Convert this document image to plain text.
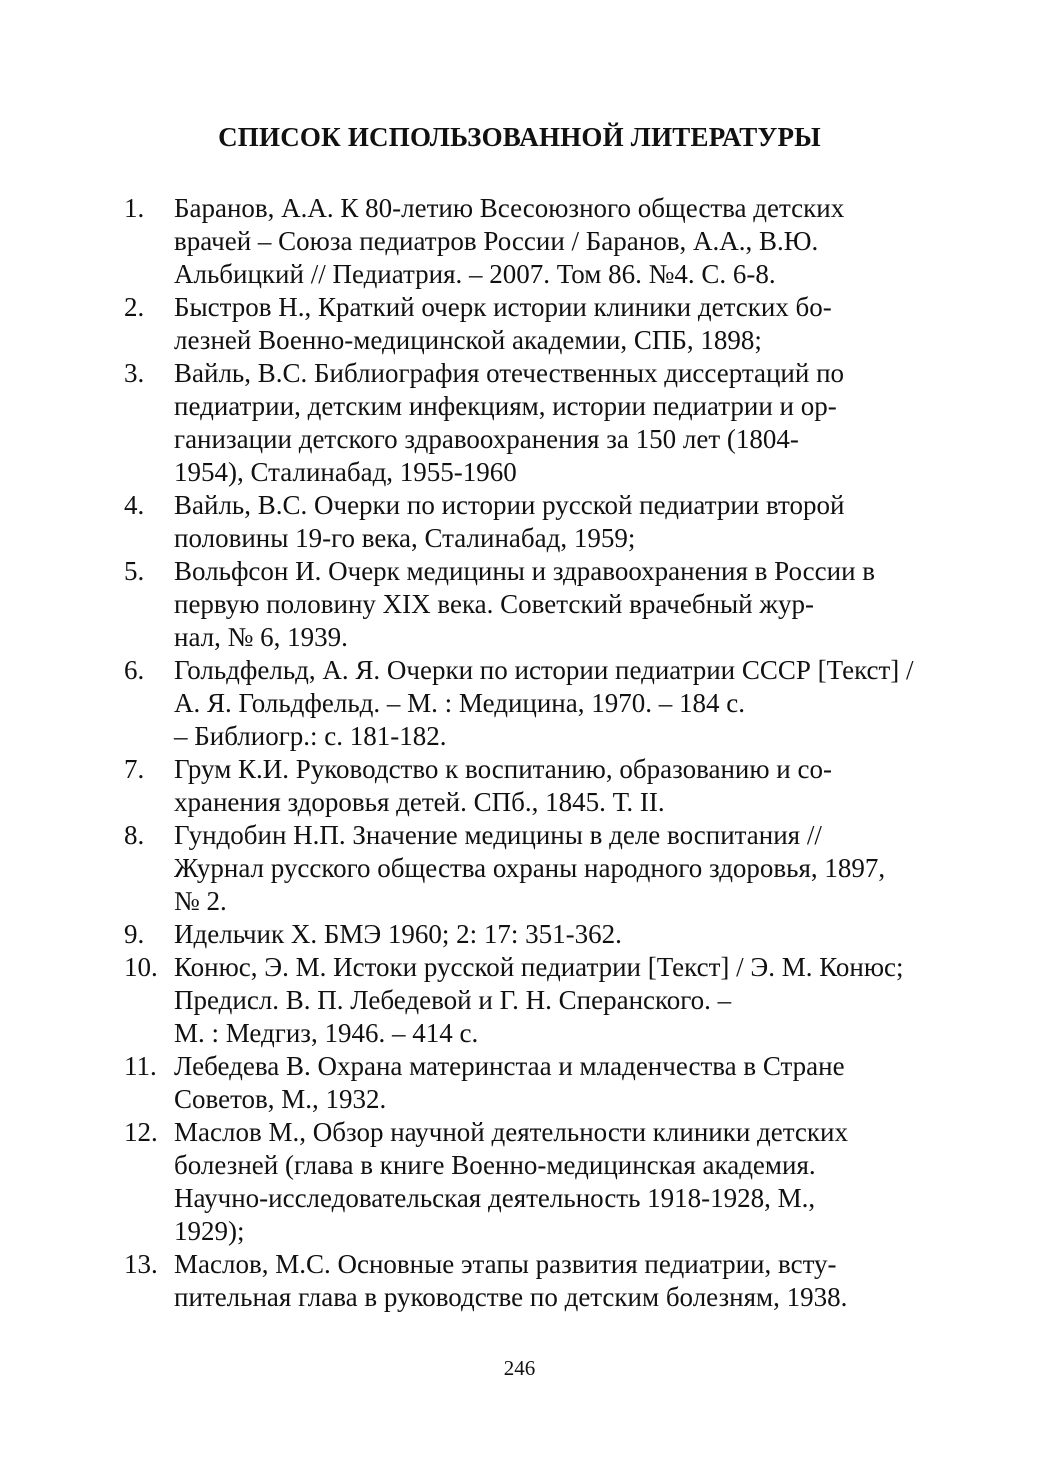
СПИСОК ИСПОЛЬЗОВАННОЙ ЛИТЕРАТУРЫ
1. Баранов, А.А. К 80-летию Всесоюзного общества детских врачей – Союза педиатров России / Баранов, А.А., В.Ю. Альбицкий // Педиатрия. – 2007. Том 86. №4. С. 6-8.
2. Быстров Н., Краткий очерк истории клиники детских бо-
лезней Военно-медицинской академии, СПБ, 1898;
3. Вайль, В.С. Библиография отечественных диссертаций по педиатрии, детским инфекциям, истории педиатрии и ор-
ганизации детского здравоохранения за 150 лет (1804-
1954), Сталинабад, 1955-1960
4. Вайль, В.С. Очерки по истории русской педиатрии второй половины 19-го века, Сталинабад, 1959;
5. Вольфсон И. Очерк медицины и здравоохранения в России в первую половину XIX века. Советский врачебный жур-
нал, № 6, 1939.
6. Гольдфельд, А. Я. Очерки по истории педиатрии СССР [Текст] / А. Я. Гольдфельд. – М. : Медицина, 1970. – 184 с.
– Библиогр.: с. 181-182.
7. Грум К.И. Руководство к воспитанию, образованию и со-
хранения здоровья детей. СПб., 1845. Т. II.
8. Гундобин Н.П. Значение медицины в деле воспитания // Журнал русского общества охраны народного здоровья, 1897, № 2.
9. Идельчик Х. БМЭ 1960; 2: 17: 351-362.
10. Конюс, Э. М. Истоки русской педиатрии [Текст] / Э. М. Конюс; Предисл. В. П. Лебедевой и Г. Н. Сперанского. –
М. : Медгиз, 1946. – 414 с.
11. Лебедева В. Охрана материнстаа и младенчества в Стране Советов, М., 1932.
12. Маслов М., Обзор научной деятельности клиники детских болезней (глава в книге Военно-медицинская академия. Научно-исследовательская деятельность 1918-1928, М.,
1929);
13. Маслов, М.С. Основные этапы развития педиатрии, всту-
пительная глава в руководстве по детским болезням, 1938.
246
